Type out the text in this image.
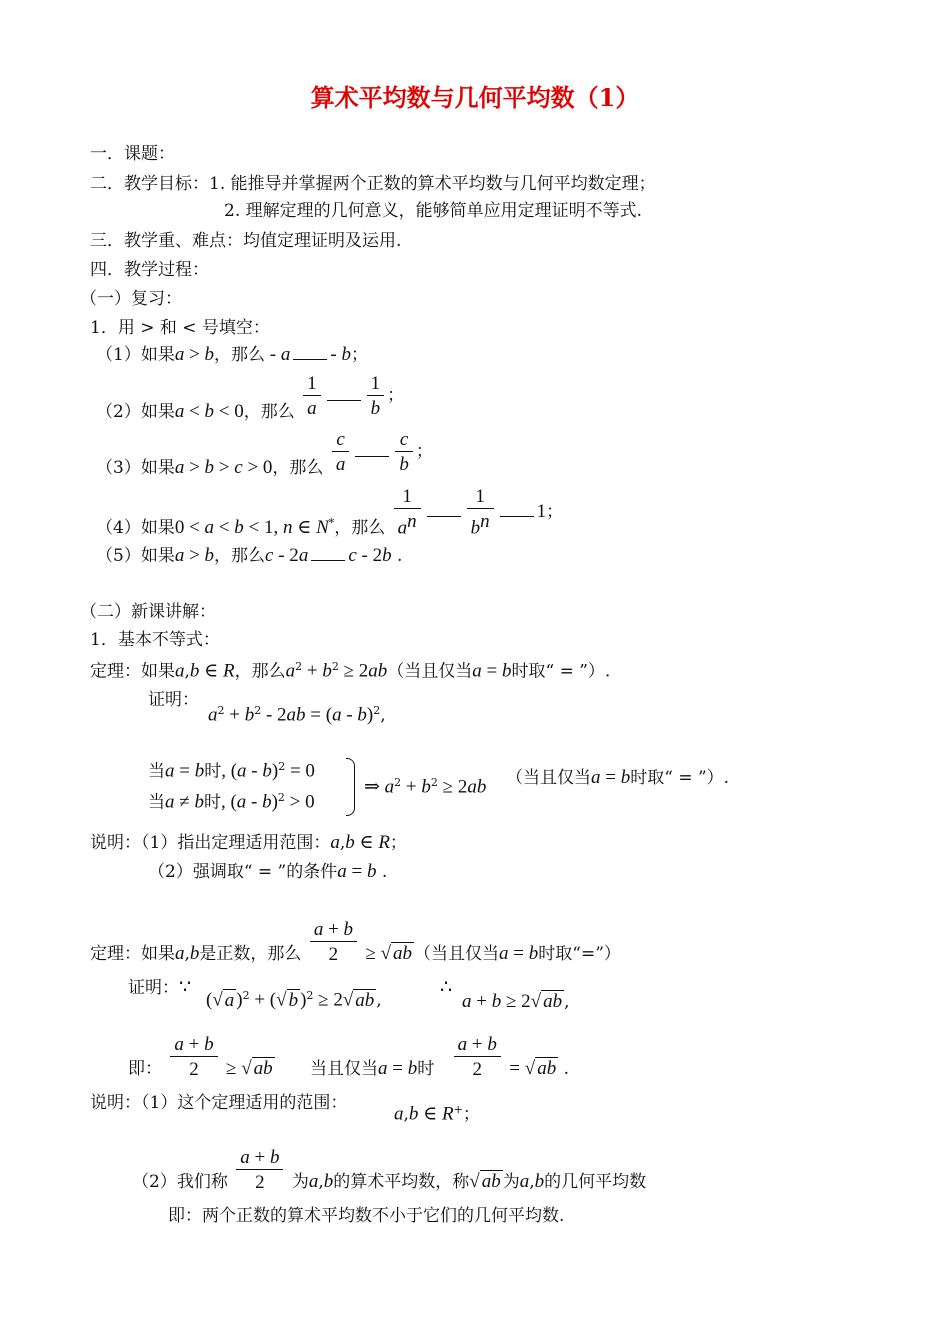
算术平均数与几何平均数（1）
一．课题：
二．教学目标：1. 能推导并掌握两个正数的算术平均数与几何平均数定理；
2. 理解定理的几何意义，能够简单应用定理证明不等式.
三．教学重、难点：均值定理证明及运用.
四．教学过程：
（一）复习：
1．用 > 和 < 号填空：
（1）如果a > b，那么 - a - b；
（2）如果a < b < 0，那么 $\frac{1}{a} \frac{1}{b}$ ；
（3）如果a > b > c > 0，那么 $\frac{c}{a} \frac{c}{b}$ ；
（4）如果0 < a < b < 1, n ∈ N*，那么 $\frac{1}{a^n} \frac{1}{b^n} 1$；
（5）如果a > b，那么c - 2a c - 2b .
（二）新课讲解：
1．基本不等式：
定理：如果a,b ∈ R，那么$a^2 + b^2 \ge 2ab$（当且仅当a = b时取“ = ”）.
证明：
$a^2 + b^2 - 2ab = (a - b)^2$,
当a = b时, (a - b)$^2$ = 0
当a ≠ b时, (a - b)$^2$ > 0
⇒ $a^2 + b^2 \ge 2ab$ （当且仅当a = b时取“ = ”）.
说明：（1）指出定理适用范围：a,b ∈ R；
（2）强调取“ = ”的条件a = b .
定理：如果a,b是正数，那么 $\frac{a + b}{2}$ ≥ √ ab （当且仅当a = b时取“=”）
证明：∵
(√ a )$^2$ + (√ b )$^2$ ≥ 2√ ab ,
∴
a + b ≥ 2√ ab ,
即： $\frac{a + b}{2}$ ≥ √ ab 当且仅当a = b时 $\frac{a + b}{2}$ = √ ab .
说明：（1）这个定理适用的范围：
a,b ∈ R+；
（2）我们称 $\frac{a + b}{2}$ 为a,b的算术平均数，称√ ab 为a,b的几何平均数
即：两个正数的算术平均数不小于它们的几何平均数.
